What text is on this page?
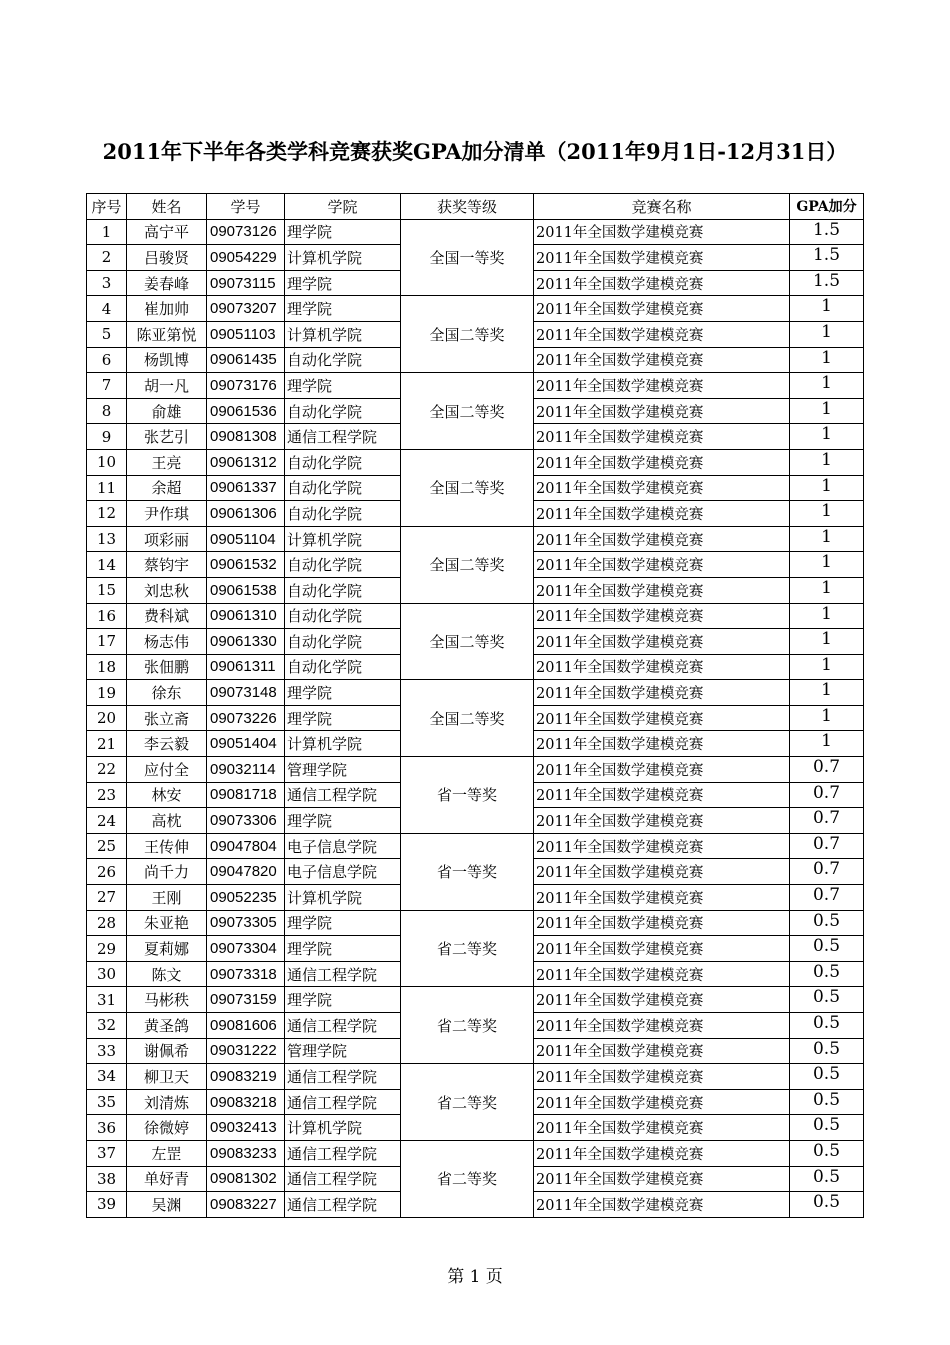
2011年下半年各类学科竞赛获奖GPA加分清单（2011年9月1日-12月31日）
序号	姓名	学号	学院	获奖等级	竞赛名称	GPA加分
1	高宁平	09073126	理学院	全国一等奖	2011年全国数学建模竞赛	1.5
2	吕骏贤	09054229	计算机学院		2011年全国数学建模竞赛	1.5
3	姜春峰	09073115	理学院		2011年全国数学建模竞赛	1.5
4	崔加帅	09073207	理学院	全国二等奖	2011年全国数学建模竞赛	1
5	陈亚第悦	09051103	计算机学院		2011年全国数学建模竞赛	1
6	杨凯博	09061435	自动化学院		2011年全国数学建模竞赛	1
7	胡一凡	09073176	理学院	全国二等奖	2011年全国数学建模竞赛	1
8	俞雄	09061536	自动化学院		2011年全国数学建模竞赛	1
9	张艺引	09081308	通信工程学院		2011年全国数学建模竞赛	1
10	王亮	09061312	自动化学院	全国二等奖	2011年全国数学建模竞赛	1
11	余超	09061337	自动化学院		2011年全国数学建模竞赛	1
12	尹作琪	09061306	自动化学院		2011年全国数学建模竞赛	1
13	项彩丽	09051104	计算机学院	全国二等奖	2011年全国数学建模竞赛	1
14	蔡钧宇	09061532	自动化学院		2011年全国数学建模竞赛	1
15	刘忠秋	09061538	自动化学院		2011年全国数学建模竞赛	1
16	费科斌	09061310	自动化学院	全国二等奖	2011年全国数学建模竞赛	1
17	杨志伟	09061330	自动化学院		2011年全国数学建模竞赛	1
18	张佃鹏	09061311	自动化学院		2011年全国数学建模竞赛	1
19	徐东	09073148	理学院	全国二等奖	2011年全国数学建模竞赛	1
20	张立斋	09073226	理学院		2011年全国数学建模竞赛	1
21	李云毅	09051404	计算机学院		2011年全国数学建模竞赛	1
22	应付全	09032114	管理学院	省一等奖	2011年全国数学建模竞赛	0.7
23	林安	09081718	通信工程学院		2011年全国数学建模竞赛	0.7
24	高枕	09073306	理学院		2011年全国数学建模竞赛	0.7
25	王传伸	09047804	电子信息学院	省一等奖	2011年全国数学建模竞赛	0.7
26	尚千力	09047820	电子信息学院		2011年全国数学建模竞赛	0.7
27	王刚	09052235	计算机学院		2011年全国数学建模竞赛	0.7
28	朱亚艳	09073305	理学院	省二等奖	2011年全国数学建模竞赛	0.5
29	夏莉娜	09073304	理学院		2011年全国数学建模竞赛	0.5
30	陈文	09073318	通信工程学院		2011年全国数学建模竞赛	0.5
31	马彬秩	09073159	理学院	省二等奖	2011年全国数学建模竞赛	0.5
32	黄圣鸽	09081606	通信工程学院		2011年全国数学建模竞赛	0.5
33	谢佩希	09031222	管理学院		2011年全国数学建模竞赛	0.5
34	柳卫天	09083219	通信工程学院	省二等奖	2011年全国数学建模竞赛	0.5
35	刘清炼	09083218	通信工程学院		2011年全国数学建模竞赛	0.5
36	徐微婷	09032413	计算机学院		2011年全国数学建模竞赛	0.5
37	左罡	09083233	通信工程学院	省二等奖	2011年全国数学建模竞赛	0.5
38	单妤青	09081302	通信工程学院		2011年全国数学建模竞赛	0.5
39	吴渊	09083227	通信工程学院		2011年全国数学建模竞赛	0.5
第 1 页
